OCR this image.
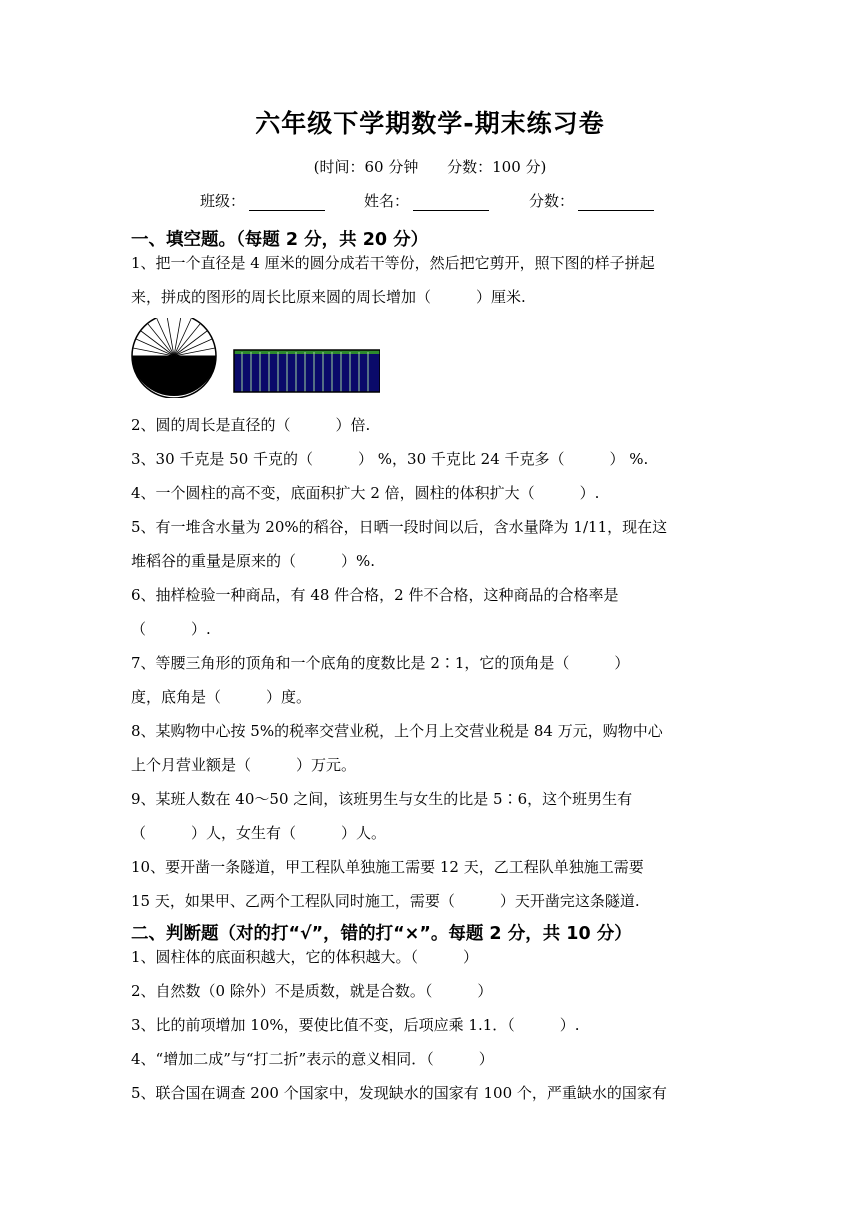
六年级下学期数学-期末练习卷
(时间：60 分钟 分数：100 分)
班级：	姓名：	分数：
一、填空题。（每题 2 分，共 20 分）
1、把一个直径是 4 厘米的圆分成若干等份，然后把它剪开，照下图的样子拼起
来，拼成的图形的周长比原来圆的周长增加（　　　）厘米.
2、圆的周长是直径的（　　　）倍.
3、30 千克是 50 千克的（　　　） %，30 千克比 24 千克多（　　　） %.
4、一个圆柱的高不变，底面积扩大 2 倍，圆柱的体积扩大（　　　）.
5、有一堆含水量为 20%的稻谷，日晒一段时间以后，含水量降为 1/11，现在这
堆稻谷的重量是原来的（　　　）%.
6、抽样检验一种商品，有 48 件合格，2 件不合格，这种商品的合格率是
（　　　）.
7、等腰三角形的顶角和一个底角的度数比是 2∶1，它的顶角是（　　　）
度，底角是（　　　）度。
8、某购物中心按 5%的税率交营业税，上个月上交营业税是 84 万元，购物中心
上个月营业额是（　　　）万元。
9、某班人数在 40～50 之间，该班男生与女生的比是 5∶6，这个班男生有
（　　　）人，女生有（　　　）人。
10、要开凿一条隧道，甲工程队单独施工需要 12 天，乙工程队单独施工需要
15 天，如果甲、乙两个工程队同时施工，需要（　　　）天开凿完这条隧道.
二、判断题（对的打“√”，错的打“×”。每题 2 分，共 10 分）
1、圆柱体的底面积越大，它的体积越大。（　　　）
2、自然数（0 除外）不是质数，就是合数。（　　　）
3、比的前项增加 10%，要使比值不变，后项应乘 1.1．（　　　）.
4、“增加二成”与“打二折”表示的意义相同．（　　　）
5、联合国在调查 200 个国家中，发现缺水的国家有 100 个，严重缺水的国家有
